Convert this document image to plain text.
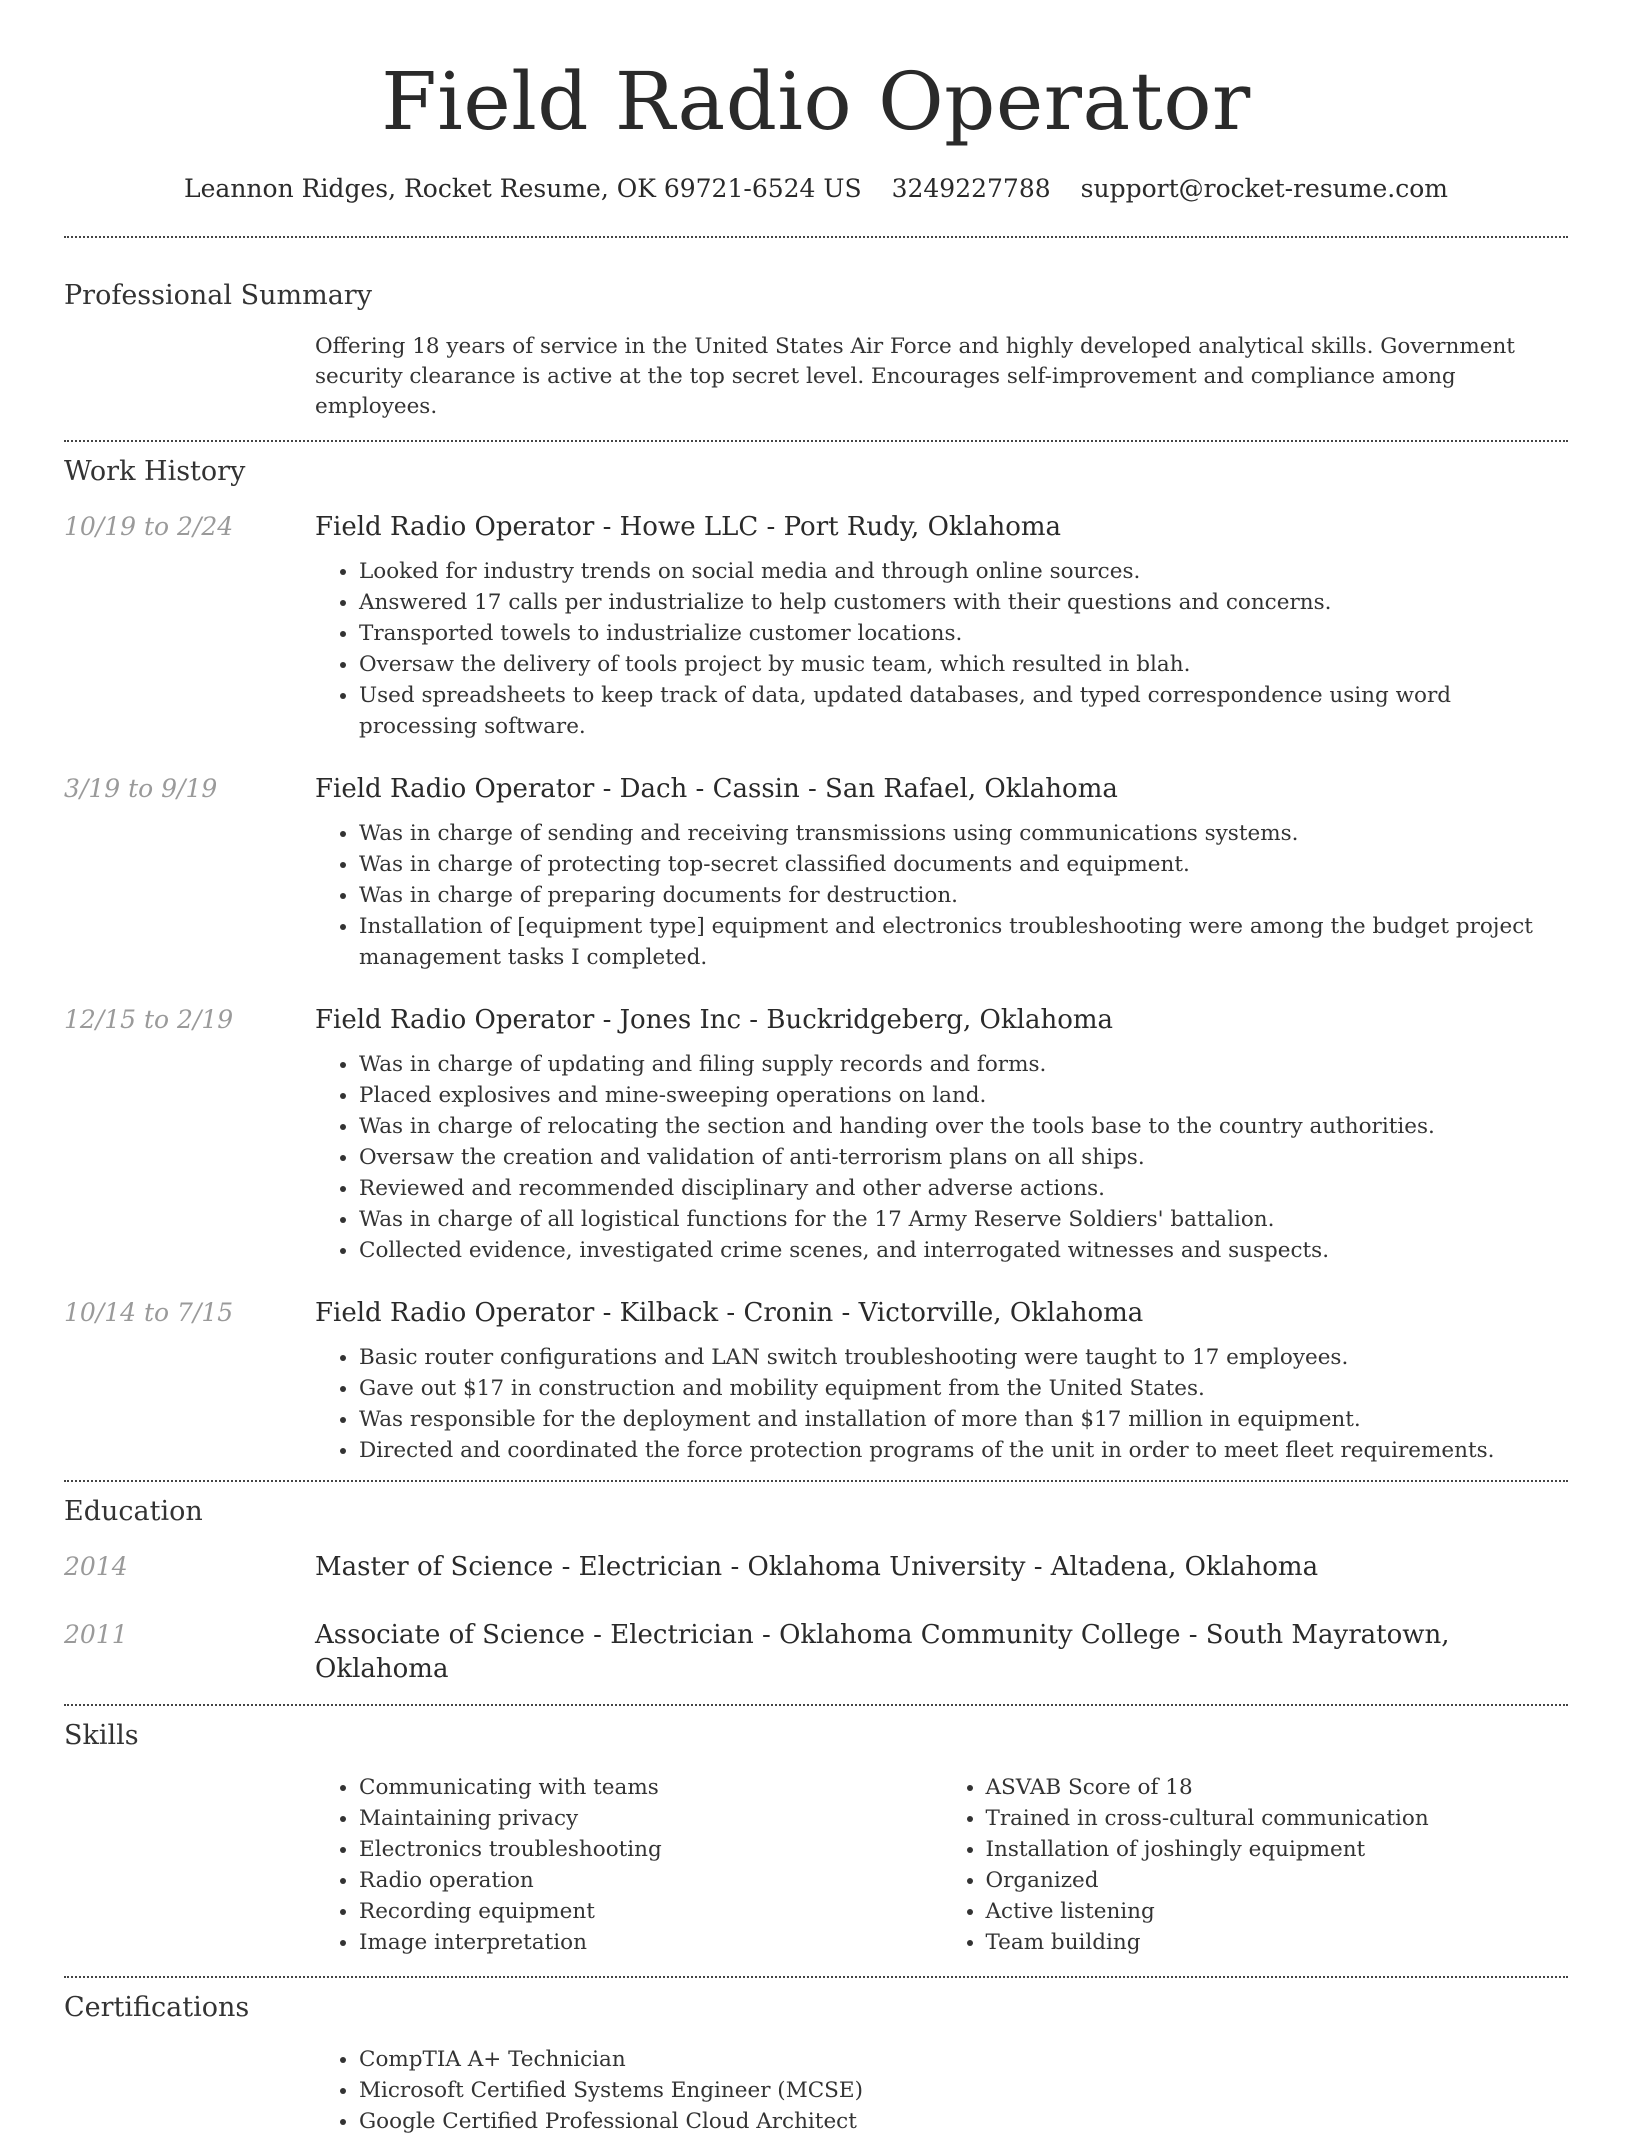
Field Radio Operator
Leannon Ridges, Rocket Resume, OK 69721-6524 US 3249227788 support@rocket-resume.com
Professional Summary
Offering 18 years of service in the United States Air Force and highly developed analytical skills. Government security clearance is active at the top secret level. Encourages self-improvement and compliance among employees.
Work History
10/19 to 2/24	Field Radio Operator - Howe LLC - Port Rudy, Oklahoma
• Looked for industry trends on social media and through online sources.
• Answered 17 calls per industrialize to help customers with their questions and concerns.
• Transported towels to industrialize customer locations.
• Oversaw the delivery of tools project by music team, which resulted in blah.
• Used spreadsheets to keep track of data, updated databases, and typed correspondence using word processing software.
3/19 to 9/19	Field Radio Operator - Dach - Cassin - San Rafael, Oklahoma
• Was in charge of sending and receiving transmissions using communications systems.
• Was in charge of protecting top-secret classified documents and equipment.
• Was in charge of preparing documents for destruction.
• Installation of [equipment type] equipment and electronics troubleshooting were among the budget project management tasks I completed.
12/15 to 2/19	Field Radio Operator - Jones Inc - Buckridgeberg, Oklahoma
• Was in charge of updating and filing supply records and forms.
• Placed explosives and mine-sweeping operations on land.
• Was in charge of relocating the section and handing over the tools base to the country authorities.
• Oversaw the creation and validation of anti-terrorism plans on all ships.
• Reviewed and recommended disciplinary and other adverse actions.
• Was in charge of all logistical functions for the 17 Army Reserve Soldiers' battalion.
• Collected evidence, investigated crime scenes, and interrogated witnesses and suspects.
10/14 to 7/15	Field Radio Operator - Kilback - Cronin - Victorville, Oklahoma
• Basic router configurations and LAN switch troubleshooting were taught to 17 employees.
• Gave out $17 in construction and mobility equipment from the United States.
• Was responsible for the deployment and installation of more than $17 million in equipment.
• Directed and coordinated the force protection programs of the unit in order to meet fleet requirements.
Education
2014	Master of Science - Electrician - Oklahoma University - Altadena, Oklahoma
2011	Associate of Science - Electrician - Oklahoma Community College - South Mayratown, Oklahoma
Skills
• Communicating with teams
• Maintaining privacy
• Electronics troubleshooting
• Radio operation
• Recording equipment
• Image interpretation
• ASVAB Score of 18
• Trained in cross-cultural communication
• Installation of joshingly equipment
• Organized
• Active listening
• Team building
Certifications
• CompTIA A+ Technician
• Microsoft Certified Systems Engineer (MCSE)
• Google Certified Professional Cloud Architect
